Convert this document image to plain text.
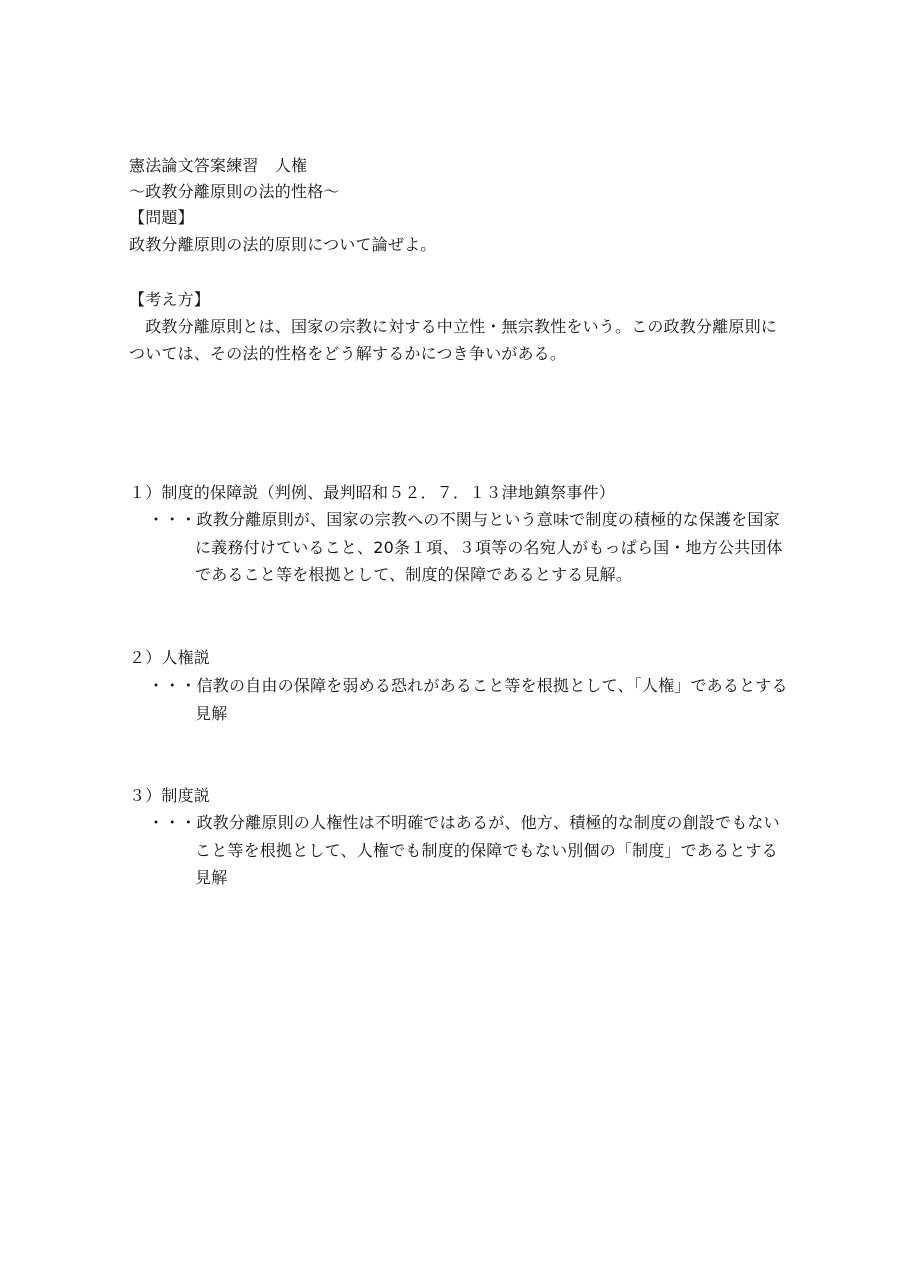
憲法論文答案練習　人権
～政教分離原則の法的性格～
【問題】
政教分離原則の法的原則について論ぜよ。
【考え方】
　政教分離原則とは、国家の宗教に対する中立性・無宗教性をいう。この政教分離原則に
ついては、その法的性格をどう解するかにつき争いがある。
１）制度的保障説（判例、最判昭和５２．７．１３津地鎮祭事件）
・・・政教分離原則が、国家の宗教への不関与という意味で制度の積極的な保護を国家
に義務付けていること、20条１項、３項等の名宛人がもっぱら国・地方公共団体
であること等を根拠として、制度的保障であるとする見解。
２）人権説
・・・信教の自由の保障を弱める恐れがあること等を根拠として、「人権」であるとする
見解
３）制度説
・・・政教分離原則の人権性は不明確ではあるが、他方、積極的な制度の創設でもない
こと等を根拠として、人権でも制度的保障でもない別個の「制度」であるとする
見解
